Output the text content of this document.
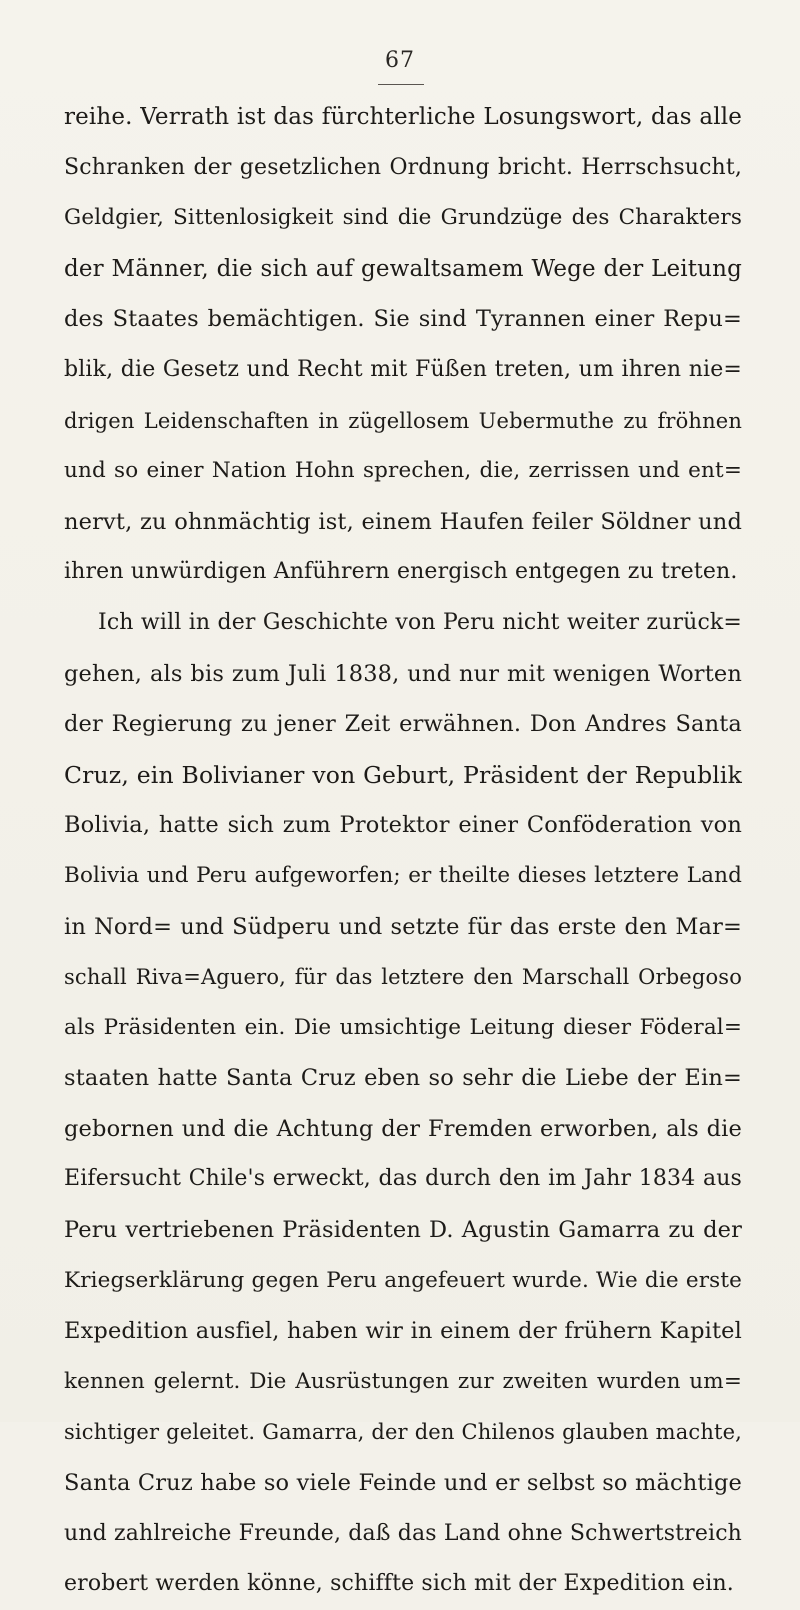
67
reihe. Verrath ist das fürchterliche Losungswort, das alle
Schranken der gesetzlichen Ordnung bricht. Herrschsucht,
Geldgier, Sittenlosigkeit sind die Grundzüge des Charakters
der Männer, die sich auf gewaltsamem Wege der Leitung
des Staates bemächtigen. Sie sind Tyrannen einer Repu=
blik, die Gesetz und Recht mit Füßen treten, um ihren nie=
drigen Leidenschaften in zügellosem Uebermuthe zu fröhnen
und so einer Nation Hohn sprechen, die, zerrissen und ent=
nervt, zu ohnmächtig ist, einem Haufen feiler Söldner und
ihren unwürdigen Anführern energisch entgegen zu treten.
Ich will in der Geschichte von Peru nicht weiter zurück=
gehen, als bis zum Juli 1838, und nur mit wenigen Worten
der Regierung zu jener Zeit erwähnen. Don Andres Santa
Cruz, ein Bolivianer von Geburt, Präsident der Republik
Bolivia, hatte sich zum Protektor einer Conföderation von
Bolivia und Peru aufgeworfen; er theilte dieses letztere Land
in Nord= und Südperu und setzte für das erste den Mar=
schall Riva=Aguero, für das letztere den Marschall Orbegoso
als Präsidenten ein. Die umsichtige Leitung dieser Föderal=
staaten hatte Santa Cruz eben so sehr die Liebe der Ein=
gebornen und die Achtung der Fremden erworben, als die
Eifersucht Chile's erweckt, das durch den im Jahr 1834 aus
Peru vertriebenen Präsidenten D. Agustin Gamarra zu der
Kriegserklärung gegen Peru angefeuert wurde. Wie die erste
Expedition ausfiel, haben wir in einem der frühern Kapitel
kennen gelernt. Die Ausrüstungen zur zweiten wurden um=
sichtiger geleitet. Gamarra, der den Chilenos glauben machte,
Santa Cruz habe so viele Feinde und er selbst so mächtige
und zahlreiche Freunde, daß das Land ohne Schwertstreich
erobert werden könne, schiffte sich mit der Expedition ein.
